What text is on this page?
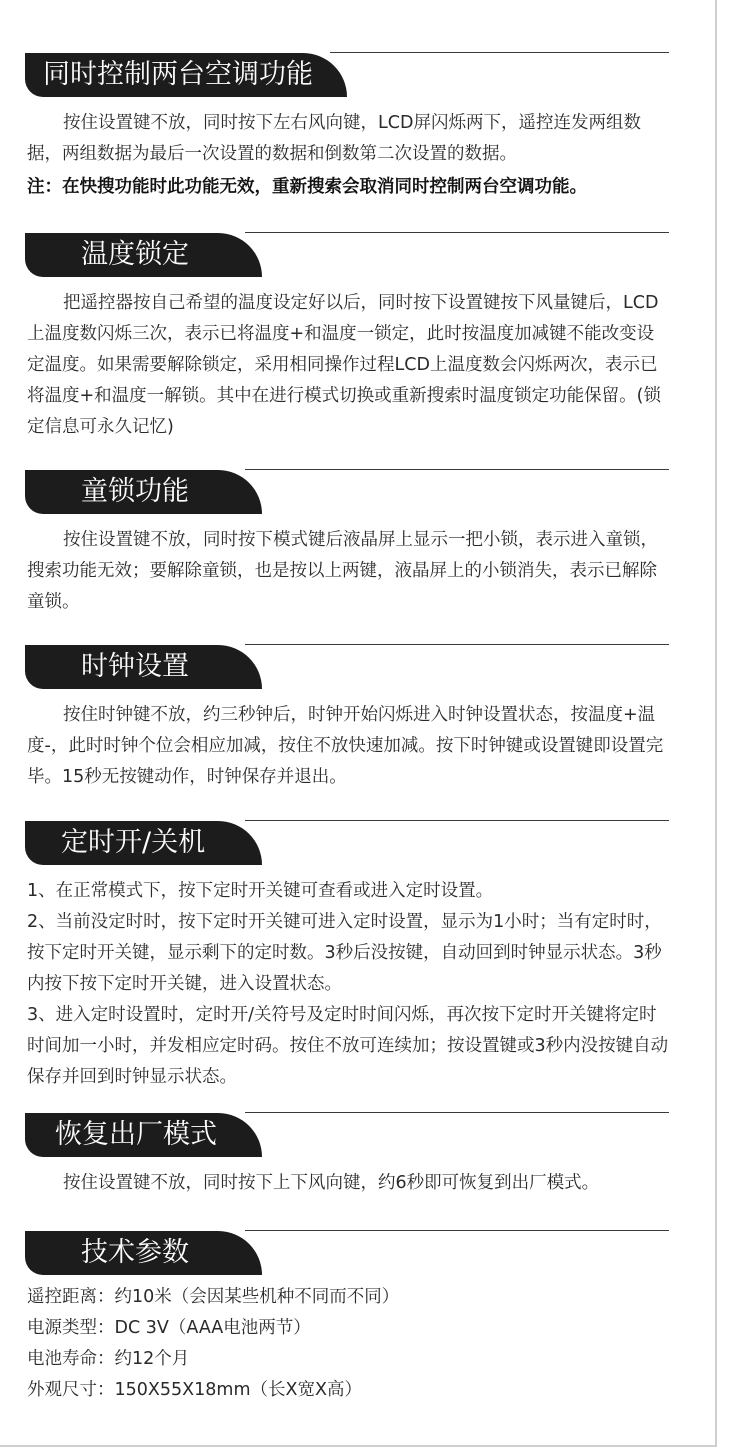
同时控制两台空调功能

按住设置键不放，同时按下左右风向键，LCD屏闪烁两下，遥控连发两组数据，两组数据为最后一次设置的数据和倒数第二次设置的数据。

注：在快搜功能时此功能无效，重新搜索会取消同时控制两台空调功能。

温度锁定

把遥控器按自己希望的温度设定好以后，同时按下设置键按下风量键后，LCD上温度数闪烁三次，表示已将温度+和温度一锁定，此时按温度加减键不能改变设定温度。如果需要解除锁定，采用相同操作过程LCD上温度数会闪烁两次，表示已将温度+和温度一解锁。其中在进行模式切换或重新搜索时温度锁定功能保留。(锁定信息可永久记忆)

童锁功能

按住设置键不放，同时按下模式键后液晶屏上显示一把小锁，表示进入童锁，搜索功能无效；要解除童锁，也是按以上两键，液晶屏上的小锁消失，表示已解除童锁。

时钟设置

按住时钟键不放，约三秒钟后，时钟开始闪烁进入时钟设置状态，按温度+温度-，此时时钟个位会相应加减，按住不放快速加减。按下时钟键或设置键即设置完毕。15秒无按键动作，时钟保存并退出。

定时开/关机

1、在正常模式下，按下定时开关键可查看或进入定时设置。

2、当前没定时时，按下定时开关键可进入定时设置，显示为1小时；当有定时时，按下定时开关键，显示剩下的定时数。3秒后没按键，自动回到时钟显示状态。3秒内按下按下定时开关键，进入设置状态。

3、进入定时设置时，定时开/关符号及定时时间闪烁，再次按下定时开关键将定时时间加一小时，并发相应定时码。按住不放可连续加；按设置键或3秒内没按键自动保存并回到时钟显示状态。

恢复出厂模式

按住设置键不放，同时按下上下风向键，约6秒即可恢复到出厂模式。

技术参数

遥控距离：约10米（会因某些机种不同而不同）

电源类型：DC 3V（AAA电池两节）

电池寿命：约12个月

外观尺寸：150X55X18mm（长X宽X高）
